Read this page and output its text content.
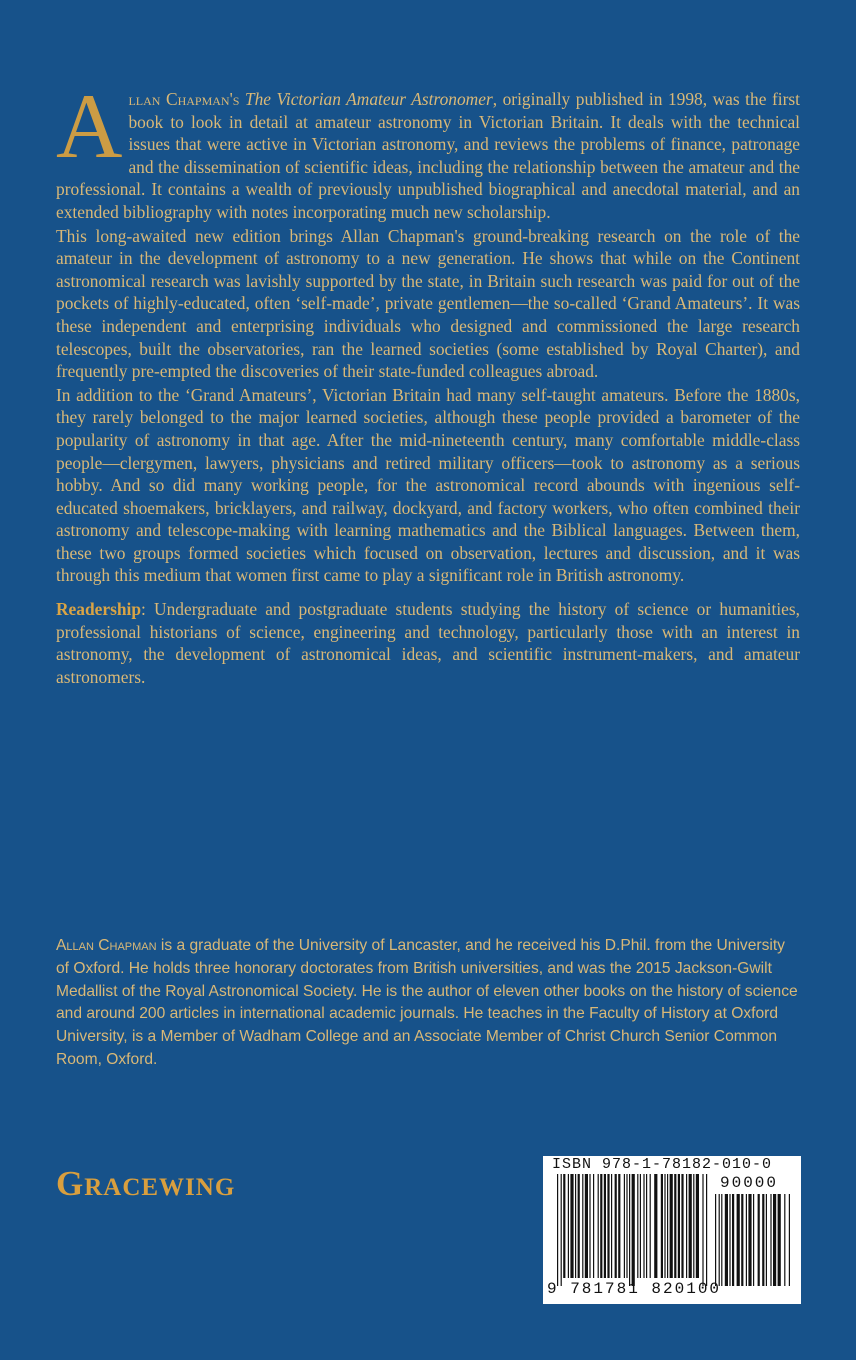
Allan Chapman's The Victorian Amateur Astronomer, originally published in 1998, was the first book to look in detail at amateur astronomy in Victorian Britain. It deals with the technical issues that were active in Victorian astronomy, and reviews the problems of finance, patronage and the dissemination of scientific ideas, including the relationship between the amateur and the professional. It contains a wealth of previously unpublished biographical and anecdotal material, and an extended bibliography with notes incorporating much new scholarship.

This long-awaited new edition brings Allan Chapman's ground-breaking research on the role of the amateur in the development of astronomy to a new generation. He shows that while on the Continent astronomical research was lavishly supported by the state, in Britain such research was paid for out of the pockets of highly-educated, often ‘self-made’, private gentlemen—the so-called ‘Grand Amateurs’. It was these independent and enterprising individuals who designed and commissioned the large research telescopes, built the observatories, ran the learned societies (some established by Royal Charter), and frequently pre-empted the discoveries of their state-funded colleagues abroad.

In addition to the ‘Grand Amateurs’, Victorian Britain had many self-taught amateurs. Before the 1880s, they rarely belonged to the major learned societies, although these people provided a barometer of the popularity of astronomy in that age. After the mid-nineteenth century, many comfortable middle-class people—clergymen, lawyers, physicians and retired military officers—took to astronomy as a serious hobby. And so did many working people, for the astronomical record abounds with ingenious self-educated shoemakers, bricklayers, and railway, dockyard, and factory workers, who often combined their astronomy and telescope-making with learning mathematics and the Biblical languages. Between them, these two groups formed societies which focused on observation, lectures and discussion, and it was through this medium that women first came to play a significant role in British astronomy.

Readership: Undergraduate and postgraduate students studying the history of science or humanities, professional historians of science, engineering and technology, particularly those with an interest in astronomy, the development of astronomical ideas, and scientific instrument-makers, and amateur astronomers.

Allan Chapman is a graduate of the University of Lancaster, and he received his D.Phil. from the University of Oxford. He holds three honorary doctorates from British universities, and was the 2015 Jackson-Gwilt Medallist of the Royal Astronomical Society. He is the author of eleven other books on the history of science and around 200 articles in international academic journals. He teaches in the Faculty of History at Oxford University, is a Member of Wadham College and an Associate Member of Christ Church Senior Common Room, Oxford.

Gracewing	ISBN 978-1-78182-010-0
90000
9 781781 820100
